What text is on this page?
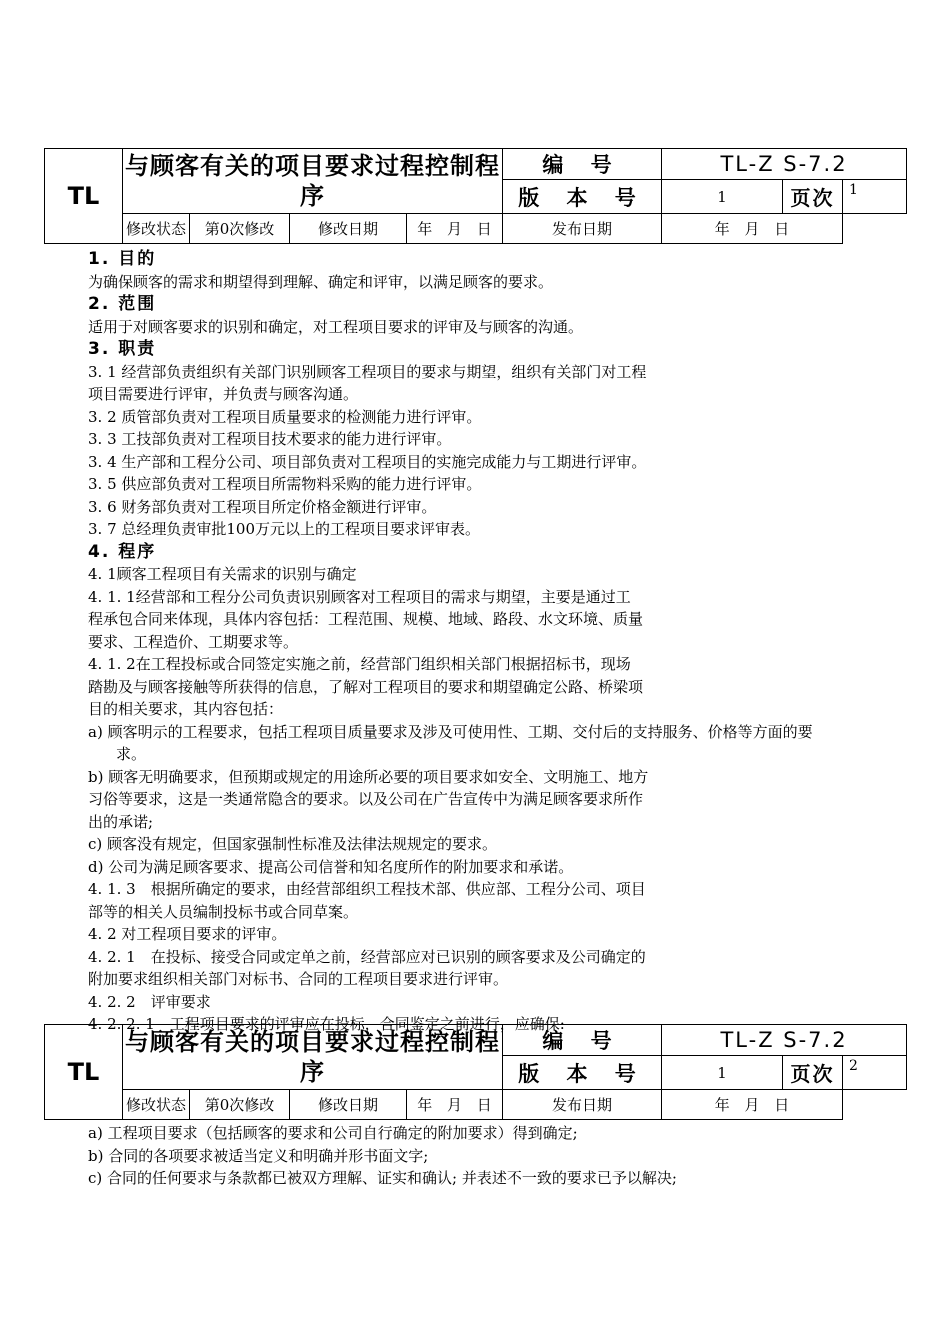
TL	与顾客有关的项目要求过程控制程序				编 号	TL-Z S-7.2		
					版 本 号	1	页次	1
	修改状态	第0次修改	修改日期	年 月 日	发布日期	年 月 日		

1. 目的

为确保顾客的需求和期望得到理解、确定和评审，以满足顾客的要求。

2. 范围

适用于对顾客要求的识别和确定，对工程项目要求的评审及与顾客的沟通。

3. 职责

3. 1 经营部负责组织有关部门识别顾客工程项目的要求与期望，组织有关部门对工程

项目需要进行评审，并负责与顾客沟通。

3. 2 质管部负责对工程项目质量要求的检测能力进行评审。

3. 3 工技部负责对工程项目技术要求的能力进行评审。

3. 4 生产部和工程分公司、项目部负责对工程项目的实施完成能力与工期进行评审。

3. 5 供应部负责对工程项目所需物料采购的能力进行评审。

3. 6 财务部负责对工程项目所定价格金额进行评审。

3. 7 总经理负责审批100万元以上的工程项目要求评审表。

4. 程序

4. 1顾客工程项目有关需求的识别与确定

4. 1. 1经营部和工程分公司负责识别顾客对工程项目的需求与期望，主要是通过工

程承包合同来体现，具体内容包括：工程范围、规模、地域、路段、水文环境、质量

要求、工程造价、工期要求等。

4. 1. 2在工程投标或合同签定实施之前，经营部门组织相关部门根据招标书，现场

踏勘及与顾客接触等所获得的信息，了解对工程项目的要求和期望确定公路、桥梁项

目的相关要求，其内容包括：

a) 顾客明示的工程要求，包括工程项目质量要求及涉及可使用性、工期、交付后的支持服务、价格等方面的要求。

b) 顾客无明确要求，但预期或规定的用途所必要的项目要求如安全、文明施工、地方

习俗等要求，这是一类通常隐含的要求。以及公司在广告宣传中为满足顾客要求所作

出的承诺;

c) 顾客没有规定，但国家强制性标准及法律法规规定的要求。

d) 公司为满足顾客要求、提高公司信誉和知名度所作的附加要求和承诺。

4. 1. 3　根据所确定的要求，由经营部组织工程技术部、供应部、工程分公司、项目

部等的相关人员编制投标书或合同草案。

4. 2 对工程项目要求的评审。

4. 2. 1　在投标、接受合同或定单之前，经营部应对已识别的顾客要求及公司确定的

附加要求组织相关部门对标书、合同的工程项目要求进行评审。

4. 2. 2　评审要求

4. 2. 2. 1　工程项目要求的评审应在投标，合同鉴定之前进行，应确保:

TL	与顾客有关的项目要求过程控制程序				编 号	TL-Z S-7.2		
					版 本 号	1	页次	2
	修改状态	第0次修改	修改日期	年 月 日	发布日期	年 月 日		

a) 工程项目要求（包括顾客的要求和公司自行确定的附加要求）得到确定;

b) 合同的各项要求被适当定义和明确并形书面文字;

c) 合同的任何要求与条款都已被双方理解、证实和确认; 并表述不一致的要求已予以解决;
